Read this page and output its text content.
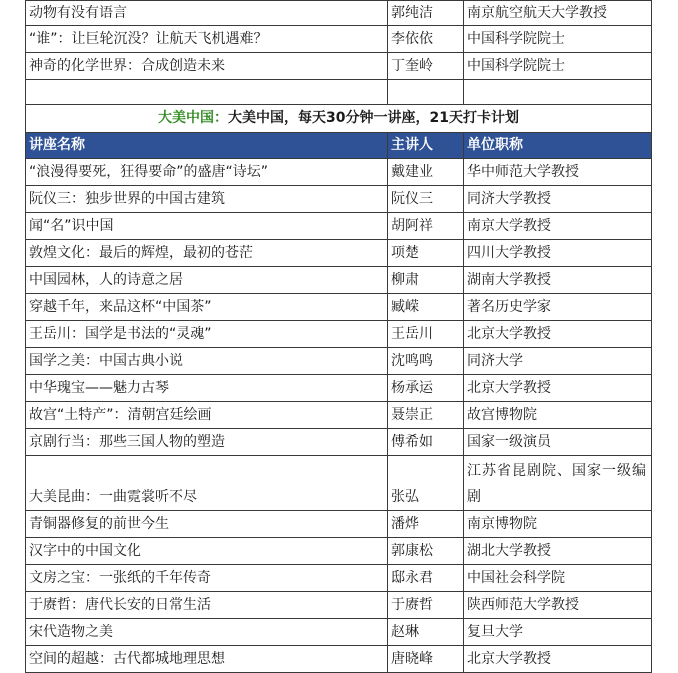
动物有没有语言	郭纯洁	南京航空航天大学教授
“谁”：让巨轮沉没？让航天飞机遇难？	李依依	中国科学院院士
神奇的化学世界：合成创造未来	丁奎岭	中国科学院院士

大美中国：大美中国，每天30分钟一讲座，21天打卡计划		
讲座名称	主讲人	单位职称
“浪漫得要死，狂得要命”的盛唐“诗坛”	戴建业	华中师范大学教授
阮仪三：独步世界的中国古建筑	阮仪三	同济大学教授
闻“名”识中国	胡阿祥	南京大学教授
敦煌文化：最后的辉煌，最初的苍茫	项楚	四川大学教授
中国园林，人的诗意之居	柳肃	湖南大学教授
穿越千年，来品这杯“中国茶”	臧嵘	著名历史学家
王岳川：国学是书法的“灵魂”	王岳川	北京大学教授
国学之美：中国古典小说	沈鸣鸣	同济大学
中华瑰宝——魅力古琴	杨承运	北京大学教授
故宫“土特产”：清朝宫廷绘画	聂崇正	故宫博物院
京剧行当：那些三国人物的塑造	傅希如	国家一级演员
大美昆曲：一曲霓裳听不尽	张弘	江苏省昆剧院、国家一级编剧
青铜器修复的前世今生	潘烨	南京博物院
汉字中的中国文化	郭康松	湖北大学教授
文房之宝：一张纸的千年传奇	邸永君	中国社会科学院
于赓哲：唐代长安的日常生活	于赓哲	陕西师范大学教授
宋代造物之美	赵琳	复旦大学
空间的超越：古代都城地理思想	唐晓峰	北京大学教授
